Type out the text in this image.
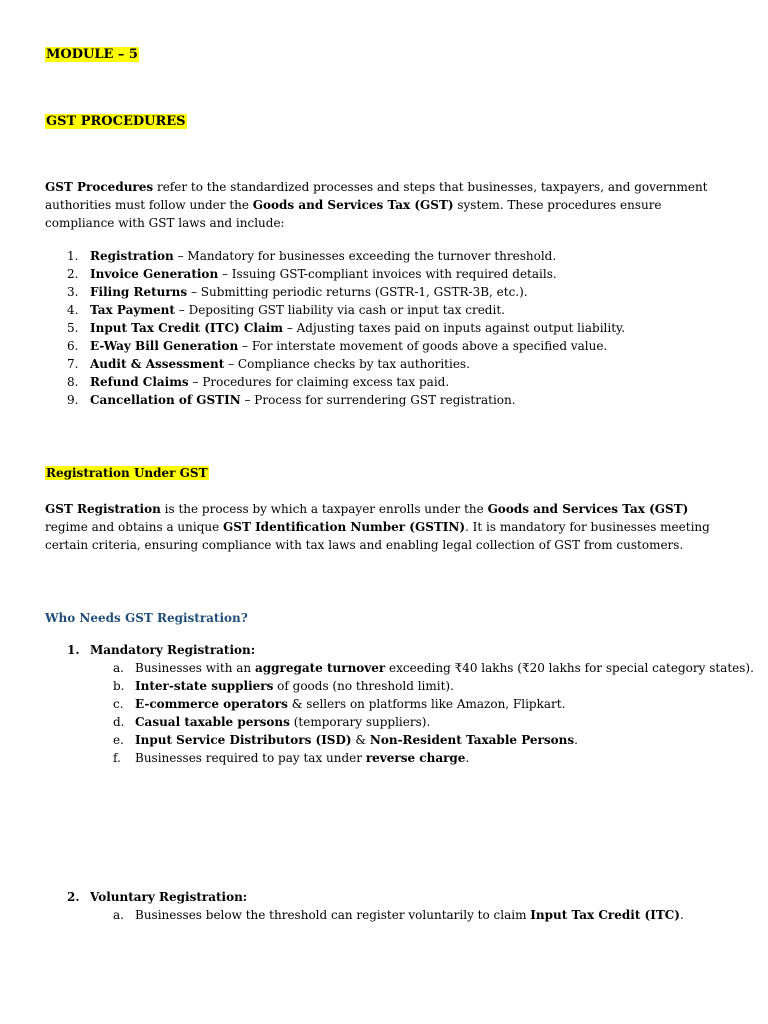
MODULE – 5
GST PROCEDURES

GST Procedures refer to the standardized processes and steps that businesses, taxpayers, and government authorities must follow under the Goods and Services Tax (GST) system. These procedures ensure compliance with GST laws and include:

1. Registration – Mandatory for businesses exceeding the turnover threshold.
2. Invoice Generation – Issuing GST-compliant invoices with required details.
3. Filing Returns – Submitting periodic returns (GSTR-1, GSTR-3B, etc.).
4. Tax Payment – Depositing GST liability via cash or input tax credit.
5. Input Tax Credit (ITC) Claim – Adjusting taxes paid on inputs against output liability.
6. E-Way Bill Generation – For interstate movement of goods above a specified value.
7. Audit & Assessment – Compliance checks by tax authorities.
8. Refund Claims – Procedures for claiming excess tax paid.
9. Cancellation of GSTIN – Process for surrendering GST registration.
Registration Under GST

GST Registration is the process by which a taxpayer enrolls under the Goods and Services Tax (GST) regime and obtains a unique GST Identification Number (GSTIN). It is mandatory for businesses meeting certain criteria, ensuring compliance with tax laws and enabling legal collection of GST from customers.

Who Needs GST Registration?
1. Mandatory Registration:
a. Businesses with an aggregate turnover exceeding ₹40 lakhs (₹20 lakhs for special category states).
b. Inter-state suppliers of goods (no threshold limit).
c. E-commerce operators & sellers on platforms like Amazon, Flipkart.
d. Casual taxable persons (temporary suppliers).
e. Input Service Distributors (ISD) & Non-Resident Taxable Persons.
f. Businesses required to pay tax under reverse charge.
2. Voluntary Registration:
a. Businesses below the threshold can register voluntarily to claim Input Tax Credit (ITC).
